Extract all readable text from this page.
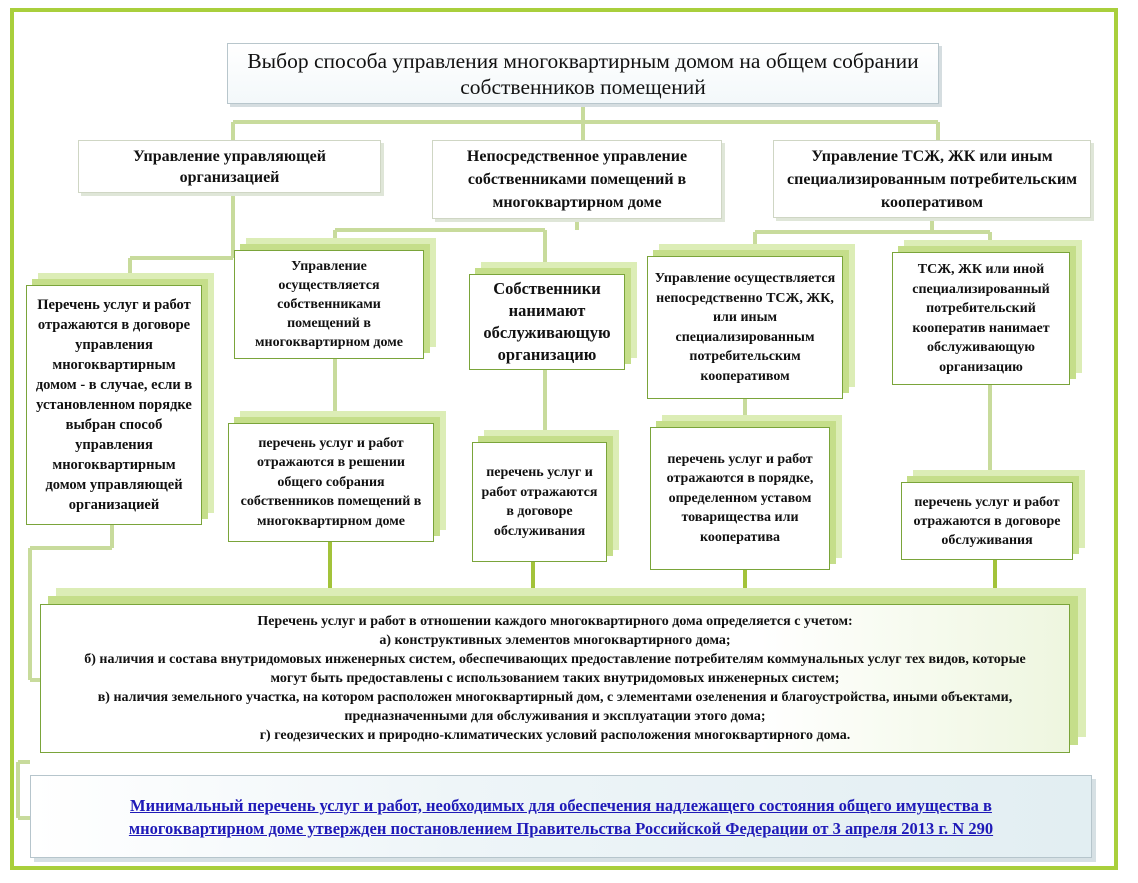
Выбор способа управления многоквартирным домом на общем собрании собственников помещений
Управление управляющей организацией
Непосредственное управление собственниками помещений в многоквартирном доме
Управление ТСЖ, ЖК или иным специализированным потребительским кооперативом
Перечень услуг и работ отражаются в договоре управления многоквартирным домом - в случае, если в установленном порядке выбран способ управления многоквартирным домом управляющей организацией
Управление осуществляется собственниками помещений в многоквартирном доме
перечень услуг и работ отражаются в решении общего собрания собственников помещений в многоквартирном доме
Собственники нанимают обслуживающую организацию
перечень услуг и работ отражаются в договоре обслуживания
Управление осуществляется непосредственно ТСЖ, ЖК, или иным специализированным потребительским кооперативом
перечень услуг и работ отражаются в порядке, определенном уставом товарищества или кооператива
ТСЖ, ЖК или иной специализированный потребительский кооператив нанимает обслуживающую организацию
перечень услуг и работ отражаются в договоре обслуживания
Перечень услуг и работ в отношении каждого многоквартирного дома определяется с учетом:
а) конструктивных элементов многоквартирного дома;
б) наличия и состава внутридомовых инженерных систем, обеспечивающих предоставление потребителям коммунальных услуг тех видов, которые могут быть предоставлены с использованием таких внутридомовых инженерных систем;
в) наличия земельного участка, на котором расположен многоквартирный дом, с элементами озеленения и благоустройства, иными объектами, предназначенными для обслуживания и эксплуатации этого дома;
г) геодезических и природно-климатических условий расположения многоквартирного дома.
Минимальный перечень услуг и работ, необходимых для обеспечения надлежащего состояния общего имущества в многоквартирном доме утвержден постановлением Правительства Российской Федерации от 3 апреля 2013 г. N 290
